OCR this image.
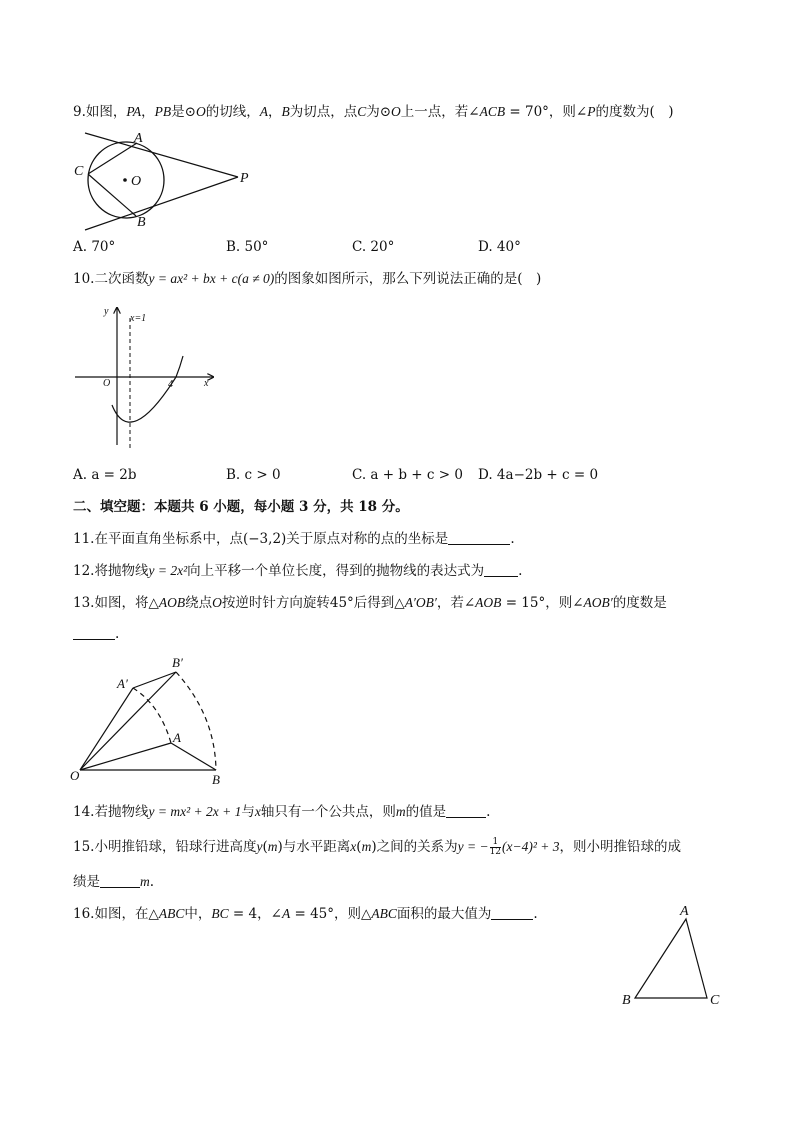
9.如图，PA，PB是⊙O的切线，A，B为切点，点C为⊙O上一点，若∠ACB = 70°，则∠P的度数为(　)
A
C
O	P
B
A. 70°	B. 50°	C. 20°	D. 40°
10.二次函数y = ax² + bx + c(a ≠ 0)的图象如图所示，那么下列说法正确的是(　)
y
x=1
O	4	x
A. a = 2b	B. c > 0	C. a + b + c > 0 D. 4a−2b + c = 0
二、填空题：本题共 6 小题，每小题 3 分，共 18 分。
11.在平面直角坐标系中，点(−3,2)关于原点对称的点的坐标是	.
12.将抛物线y = 2x²向上平移一个单位长度，得到的抛物线的表达式为	.
13.如图，将△AOB绕点O按逆时针方向旋转45°后得到△A′OB′，若∠AOB = 15°，则∠AOB′的度数是
.
A′
B′
A
O	B
14.若抛物线y = mx² + 2x + 1与x轴只有一个公共点，则m的值是	.
15.小明推铅球，铅球行进高度y(m)与水平距离x(m)之间的关系为y = − $\frac{1}{12} (x-4)^2 + 3$，则小明推铅球的成
绩是	m.
16.如图，在△ABC中，BC = 4，∠A = 45°，则△ABC面积的最大值为	.	A
B	C
